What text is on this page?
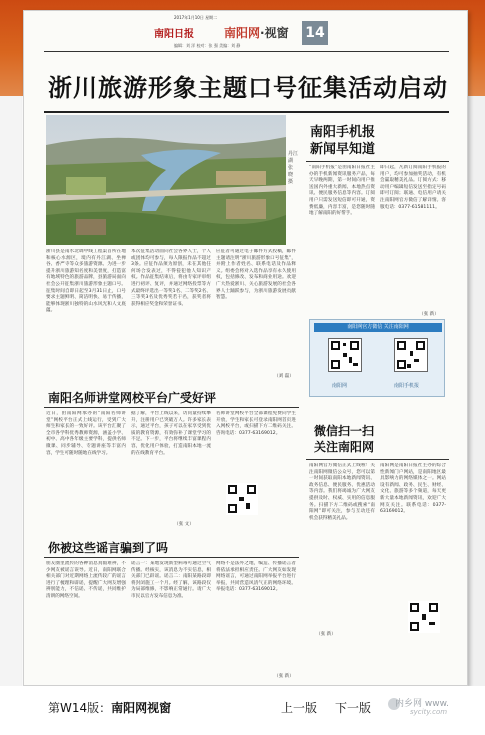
2017年1月10日 星期二
南阳日报	南阳网·视窗 14
编辑：刘 洋 校对：张 强 美编：刘 静
浙川旅游形象主题口号征集活动启动
丹江湖 张 晓 摄
浙川县是南水北调中线工程渠首所在地和核心水源区，境内有丹江湖、坐禅谷、香严寺等众多旅游资源。为进一步提升浙川旅游知名度和美誉度，打造富有地域特色的旅游品牌，县旅游局面向社会公开征集浙川旅游形象主题口号。征集时间自即日起至3月31日止，口号要求主题鲜明、简洁明快、易于传播，能够体现浙川独特的山水风光和人文底蕴。
本次征集活动面向社会各界人士，个人或团体均可参与，每人限报作品不超过3条。应征作品须为原创，未在其他任何场合发表过，不得侵犯他人知识产权。作品征集结束后，将由专家评审组进行初评、复评，并通过网络投票等方式最终评选出一等奖1名、二等奖2名、三等奖3名及优秀奖若干名，获奖者将获得相应奖金和荣誉证书。
应征者可通过电子邮件方式投稿，邮件主题请注明“浙川旅游形象口号征集”，并附上作者姓名、联系电话及作品释义。组委会将对入选作品享有永久使用权，包括修改、发布和商业用途。欢迎广大热爱浙川、关心旅游发展的社会各界人士踊跃参与，为浙川旅游发展贡献智慧。
（刘 磊）
南阳手机报
新闻早知道
“南阳手机报”是由南阳日报社主办的手机新闻资讯服务产品，每天早晚两期，第一时间向用户推送国内外重大新闻、本地热点资讯、便民服务信息等内容。订阅用户只需发送短信即可开通，资费低廉，内容丰富，是您随时随地了解南阳的好帮手。
即日起，凡新订阅南阳手机报的用户，均可参加抽奖活动，有机会赢取精美礼品。订阅方式：移动用户编辑短信发送至指定号码即可订阅；联通、电信用户请关注南阳网官方微信了解详情。客服电话：0377-61581111。
南阳网官方微信 关注南阳网
南阳网	南阳手机报
（张 新）
微信扫一扫
关注南阳网
南阳网官方微信正式上线啦！关注南阳网微信公众号，您可以第一时间获取南阳本地新闻资讯、政务信息、便民服务、优惠活动等内容。我们将竭诚为广大网友提供及时、权威、实用的信息服务。扫描下方二维码或搜索“南阳网”即可关注，参与互动还有机会获得精美礼品。
南阳网是南阳日报社主办的综合性新闻门户网站，是南阳地区最具影响力的网络媒体之一。网站设有新闻、政务、民生、财经、文化、旅游等多个频道，每天更新大量本地新闻资讯，欢迎广大网友关注。联系电话：0377-63169012。
（张 新）
南阳名师讲堂网校平台广受好评
近日，由南阳网承办的“南阳名师讲堂”网校平台正式上线运行，受到广大师生和家长的一致好评。该平台汇聚了全市各学科优秀教师资源，涵盖小学、初中、高中各年级主要学科，提供名师微课、同步辅导、专题讲座等丰富内容，学生可随时随地在线学习。
据了解，平台上线以来，访问量持续攀升，注册用户已突破万人。许多家长表示，通过平台，孩子可以在家享受到优质的教育资源，有效弥补了课堂学习的不足。下一步，平台将继续丰富课程内容，优化用户体验，打造南阳本地一流的在线教育平台。
名师讲堂网校平台全部课程免费向学生开放，学生和家长可登录南阳网首页进入网校平台，或扫描下方二维码关注。咨询电话：0377-63169012。
（张 文）
你被这些谣言骗到了吗
朋友圈里流传的各种消息真假难辨，不少网友被谣言误导。近日，南阳网联合相关部门对近期网络上流传较广的谣言进行了梳理和辟谣，提醒广大网友增强辨别能力，不信谣、不传谣，共同维护清朗的网络空间。
谣言一：某地发现新型病毒可通过空气传播。经核实，该消息为不实信息，相关部门已辟谣。谣言二：南阳某路段即将封闭施工一个月。经了解，该路段仅为局部维修，不影响正常通行。请广大市民以官方发布信息为准。
网络不是法外之地，编造、传播谣言者将依法承担相应责任。广大网友如发现网络谣言，可通过南阳网举报平台进行举报，共同营造风清气正的网络环境。举报电话：0377-63169012。
（张 新）
第W14版：南阳网视窗	上一版 下一版	内乡网 www.
sycity.com
